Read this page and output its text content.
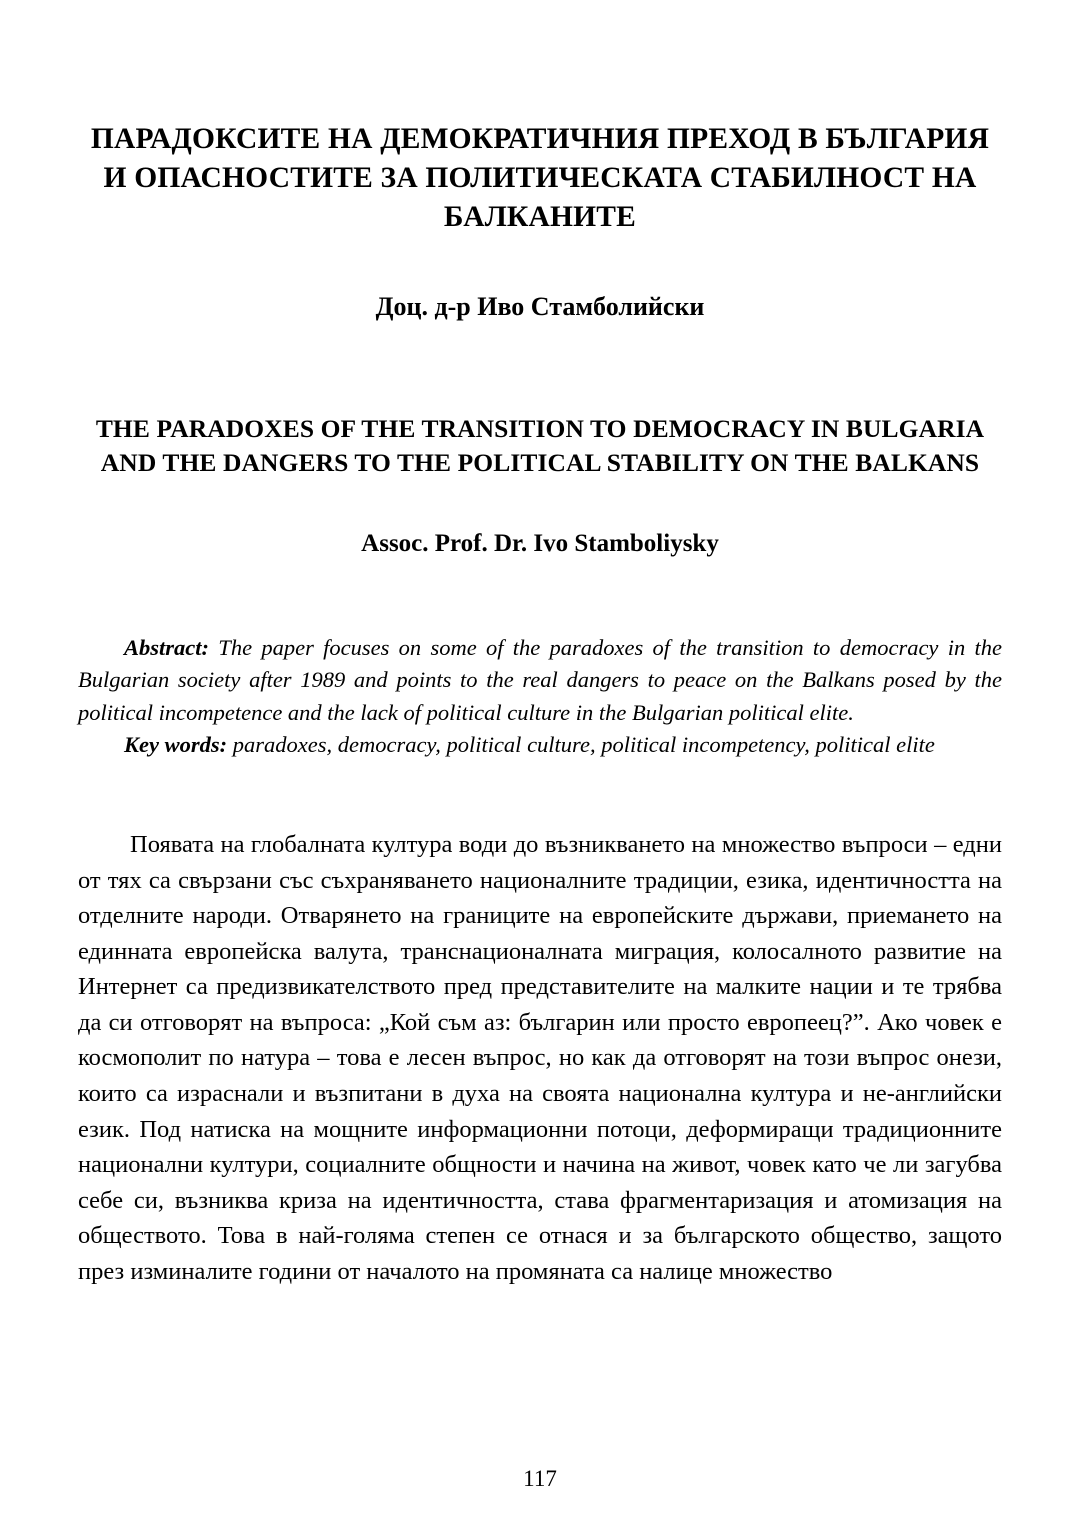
ПАРАДОКСИТЕ НА ДЕМОКРАТИЧНИЯ ПРЕХОД В БЪЛГАРИЯ И ОПАСНОСТИТЕ ЗА ПОЛИТИЧЕСКАТА СТАБИЛНОСТ НА БАЛКАНИТЕ
Доц. д-р Иво Стамболийски
THE PARADOXES OF THE TRANSITION TO DEMOCRACY IN BULGARIA AND THE DANGERS TO THE POLITICAL STABILITY ON THE BALKANS
Assoc. Prof. Dr. Ivo Stamboliysky

Abstract: The paper focuses on some of the paradoxes of the transition to democracy in the Bulgarian society after 1989 and points to the real dangers to peace on the Balkans posed by the political incompetence and the lack of political culture in the Bulgarian political elite.

Key words: paradoxes, democracy, political culture, political incompetency, political elite

Появата на глобалната култура води до възникването на множество въпроси – едни от тях са свързани със съхраняването националните традиции, езика, идентичността на отделните народи. Отварянето на границите на европейските държави, приемането на единната европейска валута, транснационалната миграция, колосалното развитие на Интернет са предизвикателството пред представителите на малките нации и те трябва да си отговорят на въпроса: „Кой съм аз: българин или просто европеец?”. Ако човек е космополит по натура – това е лесен въпрос, но как да отговорят на този въпрос онези, които са израснали и възпитани в духа на своята национална култура и не-английски език. Под натиска на мощните информационни потоци, деформиращи традиционните национални култури, социалните общности и начина на живот, човек като че ли загубва себе си, възниква криза на идентичността, става фрагментаризация и атомизация на обществото. Това в най-голяма степен се отнася и за българското общество, защото през изминалите години от началото на промяната са налице множество

117
